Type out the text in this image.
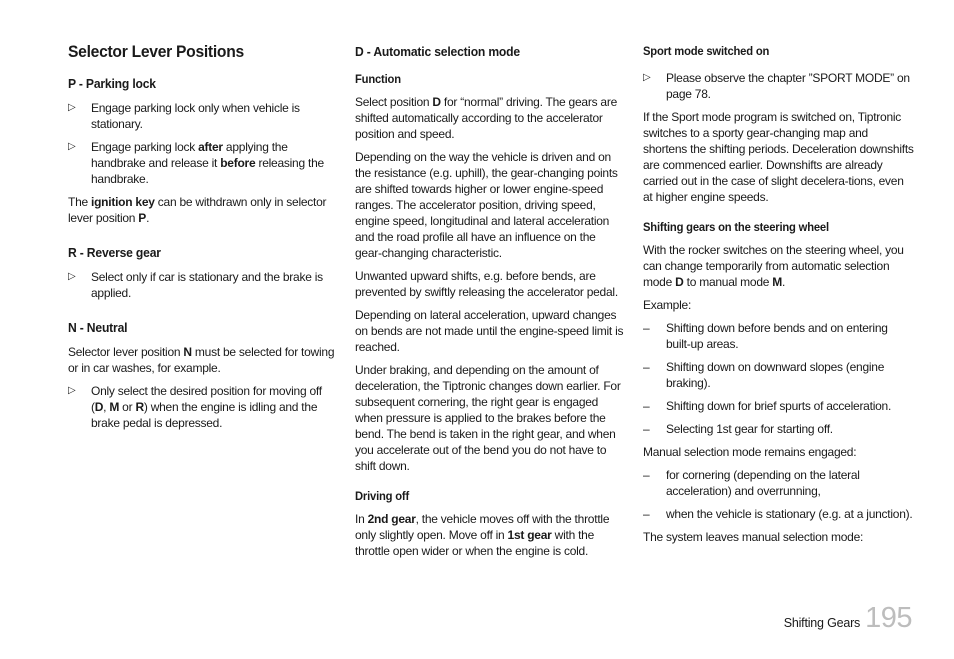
Selector Lever Positions
P - Parking lock
▷	Engage parking lock only when vehicle is stationary.
▷	Engage parking lock after applying the handbrake and release it before releasing the handbrake.

The ignition key can be withdrawn only in selector lever position P.

R - Reverse gear
▷	Select only if car is stationary and the brake is applied.
N - Neutral

Selector lever position N must be selected for towing or in car washes, for example.

▷	Only select the desired position for moving off (D, M or R) when the engine is idling and the brake pedal is depressed.
D - Automatic selection mode
Function

Select position D for “normal” driving. The gears are shifted automatically according to the accelerator position and speed.

Depending on the way the vehicle is driven and on the resistance (e.g. uphill), the gear-changing points are shifted towards higher or lower engine-speed ranges. The accelerator position, driving speed, engine speed, longitudinal and lateral acceleration and the road profile all have an influence on the gear-changing characteristic.

Unwanted upward shifts, e.g. before bends, are prevented by swiftly releasing the accelerator pedal.

Depending on lateral acceleration, upward changes on bends are not made until the engine-speed limit is reached.

Under braking, and depending on the amount of deceleration, the Tiptronic changes down earlier. For subsequent cornering, the right gear is engaged when pressure is applied to the brakes before the bend. The bend is taken in the right gear, and when you accelerate out of the bend you do not have to shift down.

Driving off

In 2nd gear, the vehicle moves off with the throttle only slightly open. Move off in 1st gear with the throttle open wider or when the engine is cold.

Sport mode switched on
▷	Please observe the chapter ”SPORT MODE” on page 78.

If the Sport mode program is switched on, Tiptronic switches to a sporty gear-changing map and shortens the shifting periods. Deceleration downshifts are commenced earlier. Downshifts are already carried out in the case of slight decelera-tions, even at higher engine speeds.

Shifting gears on the steering wheel

With the rocker switches on the steering wheel, you can change temporarily from automatic selection mode D to manual mode M.

Example:

–	Shifting down before bends and on entering built-up areas.
–	Shifting down on downward slopes (engine braking).
–	Shifting down for brief spurts of acceleration.
–	Selecting 1st gear for starting off.

Manual selection mode remains engaged:

–	for cornering (depending on the lateral acceleration) and overrunning,
–	when the vehicle is stationary (e.g. at a junction).

The system leaves manual selection mode:

Shifting Gears 195
